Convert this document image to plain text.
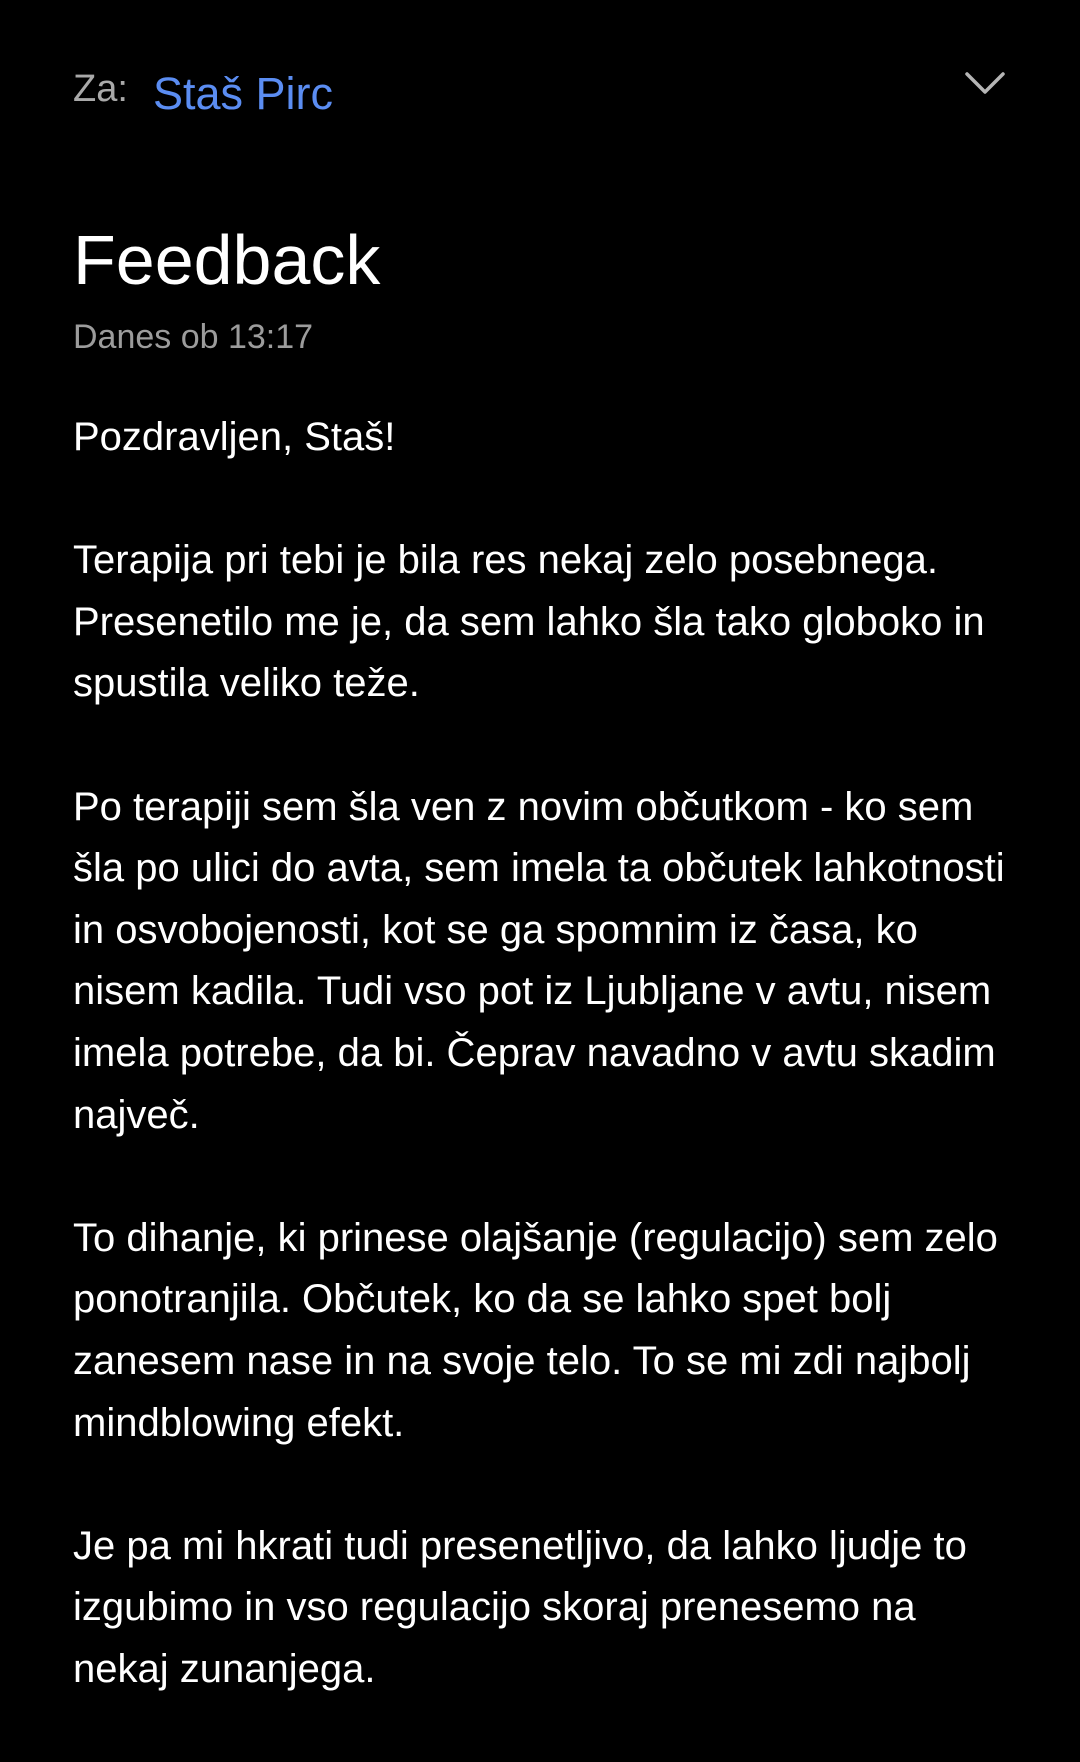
Za: Staš Pirc
Feedback
Danes ob 13:17

Pozdravljen, Staš!

Terapija pri tebi je bila res nekaj zelo posebnega. Presenetilo me je, da sem lahko šla tako globoko in spustila veliko teže.

Po terapiji sem šla ven z novim občutkom - ko sem šla po ulici do avta, sem imela ta občutek lahkotnosti in osvobojenosti, kot se ga spomnim iz časa, ko nisem kadila. Tudi vso pot iz Ljubljane v avtu, nisem imela potrebe, da bi. Čeprav navadno v avtu skadim največ.

To dihanje, ki prinese olajšanje (regulacijo) sem zelo ponotranjila. Občutek, ko da se lahko spet bolj zanesem nase in na svoje telo. To se mi zdi najbolj mindblowing efekt.

Je pa mi hkrati tudi presenetljivo, da lahko ljudje to izgubimo in vso regulacijo skoraj prenesemo na nekaj zunanjega.
